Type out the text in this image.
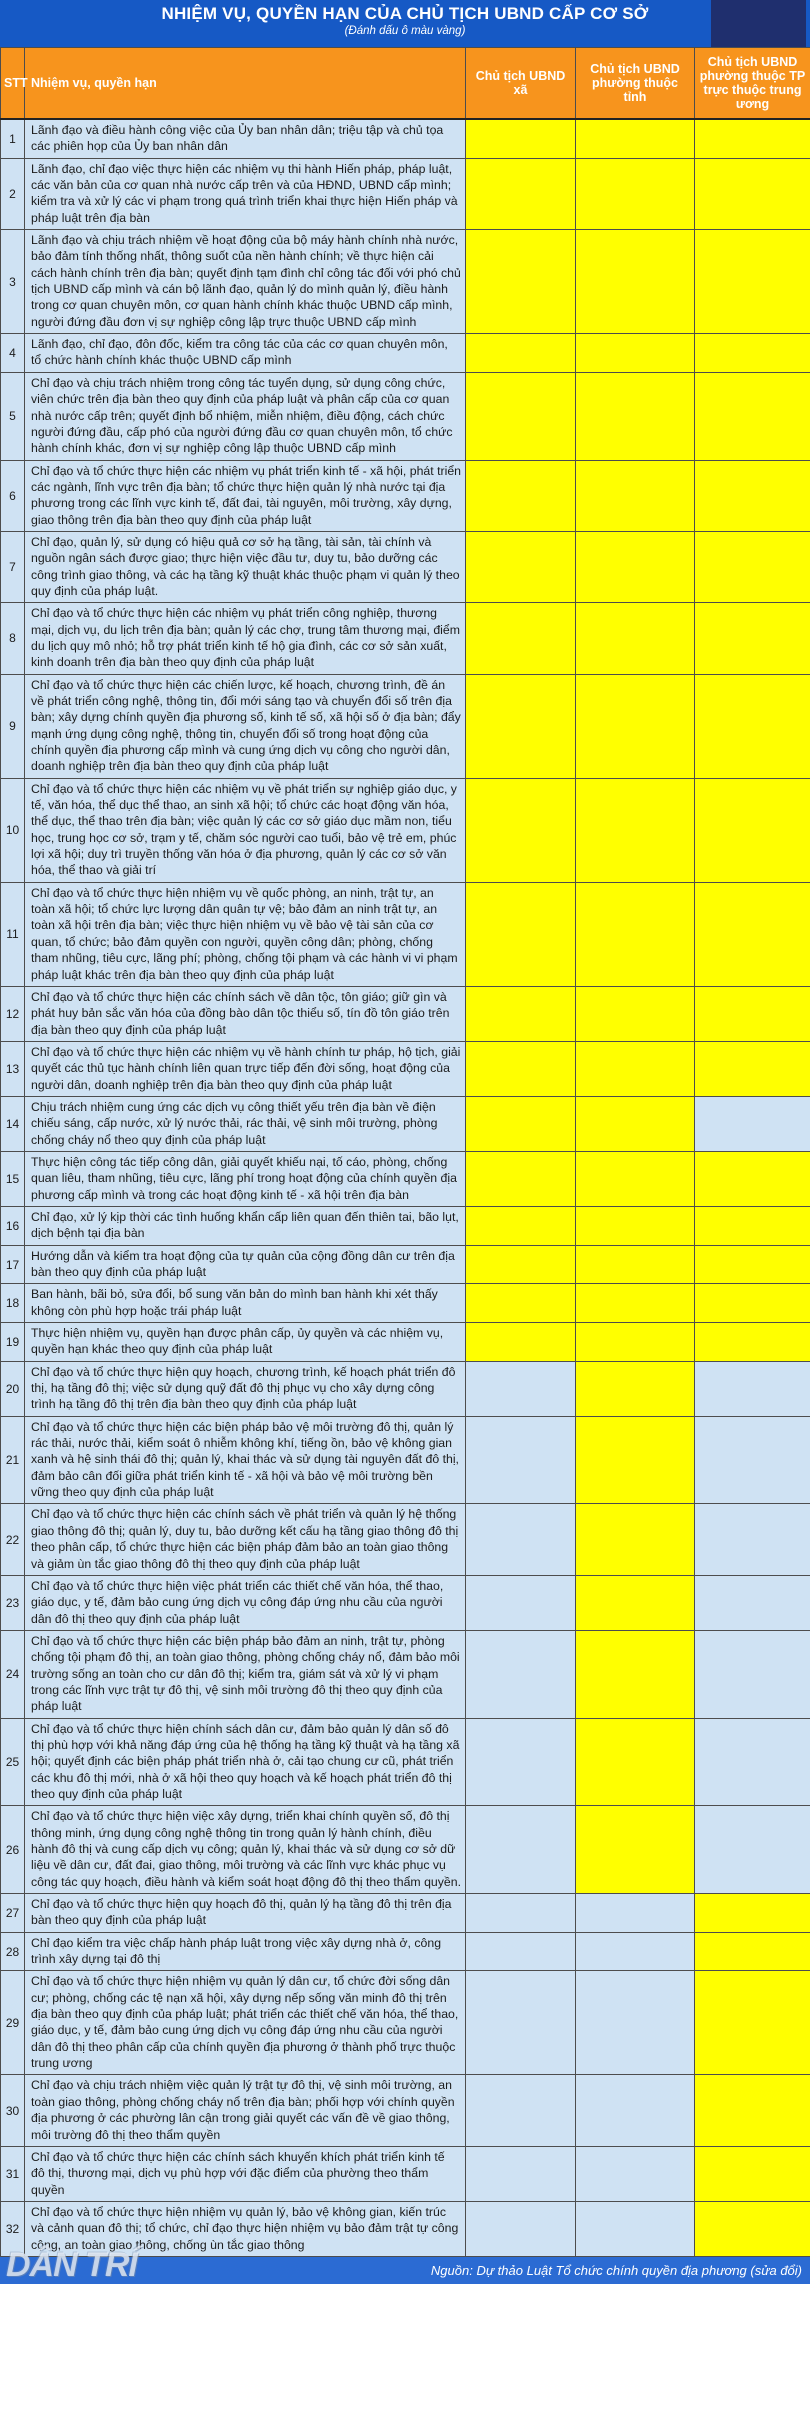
NHIỆM VỤ, QUYỀN HẠN CỦA CHỦ TỊCH UBND CẤP CƠ SỞ
(Đánh dấu ô màu vàng)
STT	Nhiệm vụ, quyền hạn	Chủ tịch UBND xã	Chủ tịch UBND phường thuộc tỉnh	Chủ tịch UBND phường thuộc TP trực thuộc trung ương
1	Lãnh đạo và điều hành công việc của Ủy ban nhân dân; triệu tập và chủ tọa các phiên họp của Ủy ban nhân dân			
2	Lãnh đạo, chỉ đạo việc thực hiện các nhiệm vụ thi hành Hiến pháp, pháp luật, các văn bản của cơ quan nhà nước cấp trên và của HĐND, UBND cấp mình; kiểm tra và xử lý các vi phạm trong quá trình triển khai thực hiện Hiến pháp và pháp luật trên địa bàn			
3	Lãnh đạo và chịu trách nhiệm về hoạt động của bộ máy hành chính nhà nước, bảo đảm tính thống nhất, thông suốt của nền hành chính; về thực hiện cải cách hành chính trên địa bàn; quyết định tạm đình chỉ công tác đối với phó chủ tịch UBND cấp mình và cán bộ lãnh đạo, quản lý do mình quản lý, điều hành trong cơ quan chuyên môn, cơ quan hành chính khác thuộc UBND cấp mình, người đứng đầu đơn vị sự nghiệp công lập trực thuộc UBND cấp mình			
4	Lãnh đạo, chỉ đạo, đôn đốc, kiểm tra công tác của các cơ quan chuyên môn, tổ chức hành chính khác thuộc UBND cấp mình			
5	Chỉ đạo và chịu trách nhiệm trong công tác tuyển dụng, sử dụng công chức, viên chức trên địa bàn theo quy định của pháp luật và phân cấp của cơ quan nhà nước cấp trên; quyết định bổ nhiệm, miễn nhiệm, điều động, cách chức người đứng đầu, cấp phó của người đứng đầu cơ quan chuyên môn, tổ chức hành chính khác, đơn vị sự nghiệp công lập thuộc UBND cấp mình			
6	Chỉ đạo và tổ chức thực hiện các nhiệm vụ phát triển kinh tế - xã hội, phát triển các ngành, lĩnh vực trên địa bàn; tổ chức thực hiện quản lý nhà nước tại địa phương trong các lĩnh vực kinh tế, đất đai, tài nguyên, môi trường, xây dựng, giao thông trên địa bàn theo quy định của pháp luật			
7	Chỉ đạo, quản lý, sử dụng có hiệu quả cơ sở hạ tầng, tài sản, tài chính và nguồn ngân sách được giao; thực hiện việc đầu tư, duy tu, bảo dưỡng các công trình giao thông, và các hạ tầng kỹ thuật khác thuộc phạm vi quản lý theo quy định của pháp luật.			
8	Chỉ đạo và tổ chức thực hiện các nhiệm vụ phát triển công nghiệp, thương mại, dịch vụ, du lịch trên địa bàn; quản lý các chợ, trung tâm thương mại, điểm du lịch quy mô nhỏ; hỗ trợ phát triển kinh tế hộ gia đình, các cơ sở sản xuất, kinh doanh trên địa bàn theo quy định của pháp luật			
9	Chỉ đạo và tổ chức thực hiện các chiến lược, kế hoạch, chương trình, đề án về phát triển công nghệ, thông tin, đổi mới sáng tạo và chuyển đổi số trên địa bàn; xây dựng chính quyền địa phương số, kinh tế số, xã hội số ở địa bàn; đẩy mạnh ứng dụng công nghệ, thông tin, chuyển đổi số trong hoạt động của chính quyền địa phương cấp mình và cung ứng dịch vụ công cho người dân, doanh nghiệp trên địa bàn theo quy định của pháp luật			
10	Chỉ đạo và tổ chức thực hiện các nhiệm vụ về phát triển sự nghiệp giáo dục, y tế, văn hóa, thể dục thể thao, an sinh xã hội; tổ chức các hoạt động văn hóa, thể dục, thể thao trên địa bàn; việc quản lý các cơ sở giáo dục mầm non, tiểu học, trung học cơ sở, trạm y tế, chăm sóc người cao tuổi, bảo vệ trẻ em, phúc lợi xã hội; duy trì truyền thống văn hóa ở địa phương, quản lý các cơ sở văn hóa, thể thao và giải trí			
11	Chỉ đạo và tổ chức thực hiện nhiệm vụ về quốc phòng, an ninh, trật tự, an toàn xã hội; tổ chức lực lượng dân quân tự vệ; bảo đảm an ninh trật tự, an toàn xã hội trên địa bàn; việc thực hiện nhiệm vụ về bảo vệ tài sản của cơ quan, tổ chức; bảo đảm quyền con người, quyền công dân; phòng, chống tham nhũng, tiêu cực, lãng phí; phòng, chống tội phạm và các hành vi vi phạm pháp luật khác trên địa bàn theo quy định của pháp luật			
12	Chỉ đạo và tổ chức thực hiện các chính sách về dân tộc, tôn giáo; giữ gìn và phát huy bản sắc văn hóa của đồng bào dân tộc thiểu số, tín đồ tôn giáo trên địa bàn theo quy định của pháp luật			
13	Chỉ đạo và tổ chức thực hiện các nhiệm vụ về hành chính tư pháp, hộ tịch, giải quyết các thủ tục hành chính liên quan trực tiếp đến đời sống, hoạt động của người dân, doanh nghiệp trên địa bàn theo quy định của pháp luật			
14	Chịu trách nhiệm cung ứng các dịch vụ công thiết yếu trên địa bàn về điện chiếu sáng, cấp nước, xử lý nước thải, rác thải, vệ sinh môi trường, phòng chống cháy nổ theo quy định của pháp luật			
15	Thực hiện công tác tiếp công dân, giải quyết khiếu nại, tố cáo, phòng, chống quan liêu, tham nhũng, tiêu cực, lãng phí trong hoạt động của chính quyền địa phương cấp mình và trong các hoạt động kinh tế - xã hội trên địa bàn			
16	Chỉ đạo, xử lý kịp thời các tình huống khẩn cấp liên quan đến thiên tai, bão lụt, dịch bệnh tại địa bàn			
17	Hướng dẫn và kiểm tra hoạt động của tự quản của cộng đồng dân cư trên địa bàn theo quy định của pháp luật			
18	Ban hành, bãi bỏ, sửa đổi, bổ sung văn bản do mình ban hành khi xét thấy không còn phù hợp hoặc trái pháp luật			
19	Thực hiện nhiệm vụ, quyền hạn được phân cấp, ủy quyền và các nhiệm vụ, quyền hạn khác theo quy định của pháp luật			
20	Chỉ đạo và tổ chức thực hiện quy hoạch, chương trình, kế hoạch phát triển đô thị, hạ tầng đô thị; việc sử dụng quỹ đất đô thị phục vụ cho xây dựng công trình hạ tầng đô thị trên địa bàn theo quy định của pháp luật			
21	Chỉ đạo và tổ chức thực hiện các biện pháp bảo vệ môi trường đô thị, quản lý rác thải, nước thải, kiểm soát ô nhiễm không khí, tiếng ồn, bảo vệ không gian xanh và hệ sinh thái đô thị; quản lý, khai thác và sử dụng tài nguyên đất đô thị, đảm bảo cân đối giữa phát triển kinh tế - xã hội và bảo vệ môi trường bền vững theo quy định của pháp luật			
22	Chỉ đạo và tổ chức thực hiện các chính sách về phát triển và quản lý hệ thống giao thông đô thị; quản lý, duy tu, bảo dưỡng kết cấu hạ tầng giao thông đô thị theo phân cấp, tổ chức thực hiện các biện pháp đảm bảo an toàn giao thông và giảm ùn tắc giao thông đô thị theo quy định của pháp luật			
23	Chỉ đạo và tổ chức thực hiện việc phát triển các thiết chế văn hóa, thể thao, giáo dục, y tế, đảm bảo cung ứng dịch vụ công đáp ứng nhu cầu của người dân đô thị theo quy định của pháp luật			
24	Chỉ đạo và tổ chức thực hiện các biện pháp bảo đảm an ninh, trật tự, phòng chống tội phạm đô thị, an toàn giao thông, phòng chống cháy nổ, đảm bảo môi trường sống an toàn cho cư dân đô thị; kiểm tra, giám sát và xử lý vi phạm trong các lĩnh vực trật tự đô thị, vệ sinh môi trường đô thị theo quy định của pháp luật			
25	Chỉ đạo và tổ chức thực hiện chính sách dân cư, đảm bảo quản lý dân số đô thị phù hợp với khả năng đáp ứng của hệ thống hạ tầng kỹ thuật và hạ tầng xã hội; quyết định các biện pháp phát triển nhà ở, cải tạo chung cư cũ, phát triển các khu đô thị mới, nhà ở xã hội theo quy hoạch và kế hoạch phát triển đô thị theo quy định của pháp luật			
26	Chỉ đạo và tổ chức thực hiện việc xây dựng, triển khai chính quyền số, đô thị thông minh, ứng dụng công nghệ thông tin trong quản lý hành chính, điều hành đô thị và cung cấp dịch vụ công; quản lý, khai thác và sử dụng cơ sở dữ liệu về dân cư, đất đai, giao thông, môi trường và các lĩnh vực khác phục vụ công tác quy hoạch, điều hành và kiểm soát hoạt động đô thị theo thẩm quyền.			
27	Chỉ đạo và tổ chức thực hiện quy hoạch đô thị, quản lý hạ tầng đô thị trên địa bàn theo quy định của pháp luật			
28	Chỉ đạo kiểm tra việc chấp hành pháp luật trong việc xây dựng nhà ở, công trình xây dựng tại đô thị			
29	Chỉ đạo và tổ chức thực hiện nhiệm vụ quản lý dân cư, tổ chức đời sống dân cư; phòng, chống các tệ nạn xã hội, xây dựng nếp sống văn minh đô thị trên địa bàn theo quy định của pháp luật; phát triển các thiết chế văn hóa, thể thao, giáo dục, y tế, đảm bảo cung ứng dịch vụ công đáp ứng nhu cầu của người dân đô thị theo phân cấp của chính quyền địa phương ở thành phố trực thuộc trung ương			
30	Chỉ đạo và chịu trách nhiệm việc quản lý trật tự đô thị, vệ sinh môi trường, an toàn giao thông, phòng chống cháy nổ trên địa bàn; phối hợp với chính quyền địa phương ở các phường lân cận trong giải quyết các vấn đề về giao thông, môi trường đô thị theo thẩm quyền			
31	Chỉ đạo và tổ chức thực hiện các chính sách khuyến khích phát triển kinh tế đô thị, thương mại, dịch vụ phù hợp với đặc điểm của phường theo thẩm quyền			
32	Chỉ đạo và tổ chức thực hiện nhiệm vụ quản lý, bảo vệ không gian, kiến trúc và cảnh quan đô thị; tổ chức, chỉ đạo thực hiện nhiệm vụ bảo đảm trật tự công cộng, an toàn giao thông, chống ùn tắc giao thông			
Nguồn: Dự thảo Luật Tổ chức chính quyền địa phương (sửa đổi)
DÂN TRÍ
